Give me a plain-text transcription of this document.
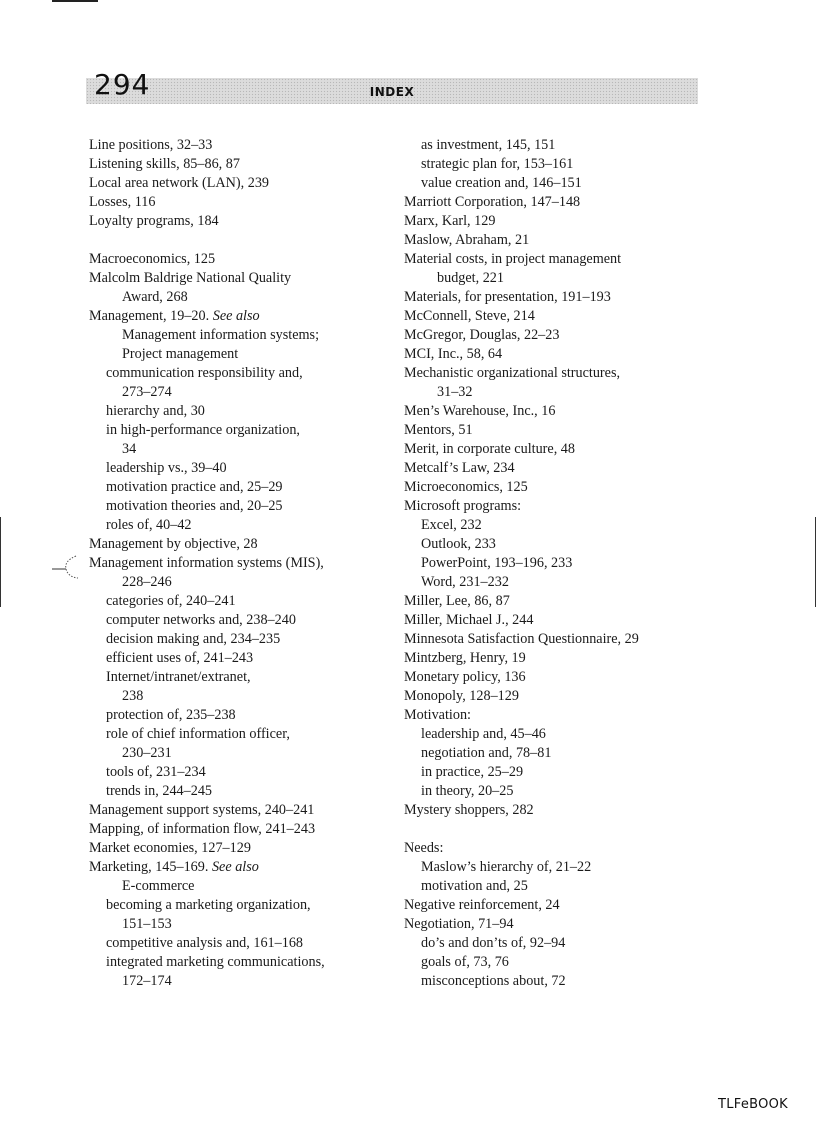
INDEX
294
Line positions, 32–33
Listening skills, 85–86, 87
Local area network (LAN), 239
Losses, 116
Loyalty programs, 184
Macroeconomics, 125
Malcolm Baldrige National Quality
Award, 268
Management, 19–20. See also
Management information systems;
Project management
communication responsibility and,
273–274
hierarchy and, 30
in high-performance organization,
34
leadership vs., 39–40
motivation practice and, 25–29
motivation theories and, 20–25
roles of, 40–42
Management by objective, 28
Management information systems (MIS),
228–246
categories of, 240–241
computer networks and, 238–240
decision making and, 234–235
efficient uses of, 241–243
Internet/intranet/extranet,
238
protection of, 235–238
role of chief information officer,
230–231
tools of, 231–234
trends in, 244–245
Management support systems, 240–241
Mapping, of information flow, 241–243
Market economies, 127–129
Marketing, 145–169. See also
E-commerce
becoming a marketing organization,
151–153
competitive analysis and, 161–168
integrated marketing communications,
172–174
as investment, 145, 151
strategic plan for, 153–161
value creation and, 146–151
Marriott Corporation, 147–148
Marx, Karl, 129
Maslow, Abraham, 21
Material costs, in project management
budget, 221
Materials, for presentation, 191–193
McConnell, Steve, 214
McGregor, Douglas, 22–23
MCI, Inc., 58, 64
Mechanistic organizational structures,
31–32
Men’s Warehouse, Inc., 16
Mentors, 51
Merit, in corporate culture, 48
Metcalf’s Law, 234
Microeconomics, 125
Microsoft programs:
Excel, 232
Outlook, 233
PowerPoint, 193–196, 233
Word, 231–232
Miller, Lee, 86, 87
Miller, Michael J., 244
Minnesota Satisfaction Questionnaire, 29
Mintzberg, Henry, 19
Monetary policy, 136
Monopoly, 128–129
Motivation:
leadership and, 45–46
negotiation and, 78–81
in practice, 25–29
in theory, 20–25
Mystery shoppers, 282
Needs:
Maslow’s hierarchy of, 21–22
motivation and, 25
Negative reinforcement, 24
Negotiation, 71–94
do’s and don’ts of, 92–94
goals of, 73, 76
misconceptions about, 72
TLFeBOOK
